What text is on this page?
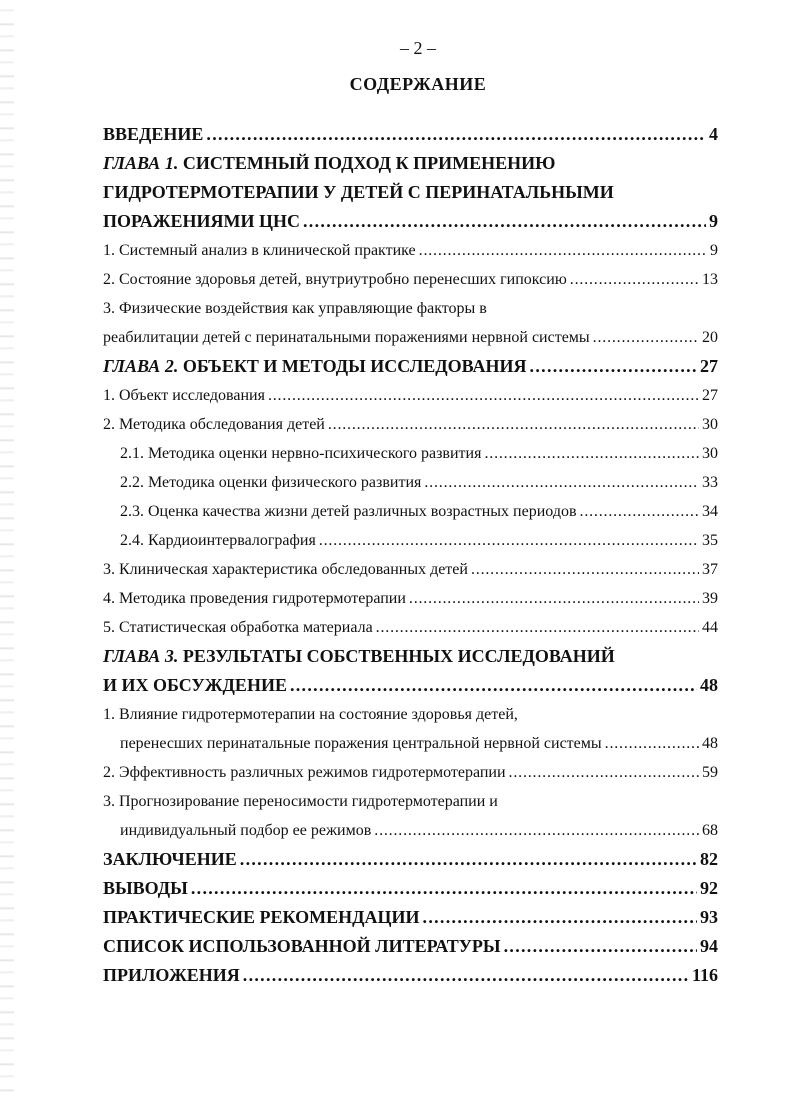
– 2 –
СОДЕРЖАНИЕ
ВВЕДЕНИЕ . . .	4
ГЛАВА 1. СИСТЕМНЫЙ ПОДХОД К ПРИМЕНЕНИЮ
ГИДРОТЕРМОТЕРАПИИ У ДЕТЕЙ С ПЕРИНАТАЛЬНЫМИ
ПОРАЖЕНИЯМИ ЦНС . . .	9
1. Системный анализ в клинической практике . . .	9
2. Состояние здоровья детей, внутриутробно перенесших гипоксию . . .	13
3. Физические воздействия как управляющие факторы в
реабилитации детей с перинатальными поражениями нервной системы . . .	20
ГЛАВА 2. ОБЪЕКТ И МЕТОДЫ ИССЛЕДОВАНИЯ . . .	27
1. Объект исследования . . .	27
2. Методика обследования детей . . .	30
2.1. Методика оценки нервно-психического развития . . .	30
2.2. Методика оценки физического развития . . .	33
2.3. Оценка качества жизни детей различных возрастных периодов . . .	34
2.4. Кардиоинтервалография . . .	35
3. Клиническая характеристика обследованных детей . . .	37
4. Методика проведения гидротермотерапии . . .	39
5. Статистическая обработка материала . . .	44
ГЛАВА 3. РЕЗУЛЬТАТЫ СОБСТВЕННЫХ ИССЛЕДОВАНИЙ
И ИХ ОБСУЖДЕНИЕ . . .	48
1. Влияние гидротермотерапии на состояние здоровья детей,
перенесших перинатальные поражения центральной нервной системы . . .	48
2. Эффективность различных режимов гидротермотерапии . . .	59
3. Прогнозирование переносимости гидротермотерапии и
индивидуальный подбор ее режимов . . .	68
ЗАКЛЮЧЕНИЕ . . .	82
ВЫВОДЫ . . .	92
ПРАКТИЧЕСКИЕ РЕКОМЕНДАЦИИ . . .	93
СПИСОК ИСПОЛЬЗОВАННОЙ ЛИТЕРАТУРЫ . . .	94
ПРИЛОЖЕНИЯ . . .	116
